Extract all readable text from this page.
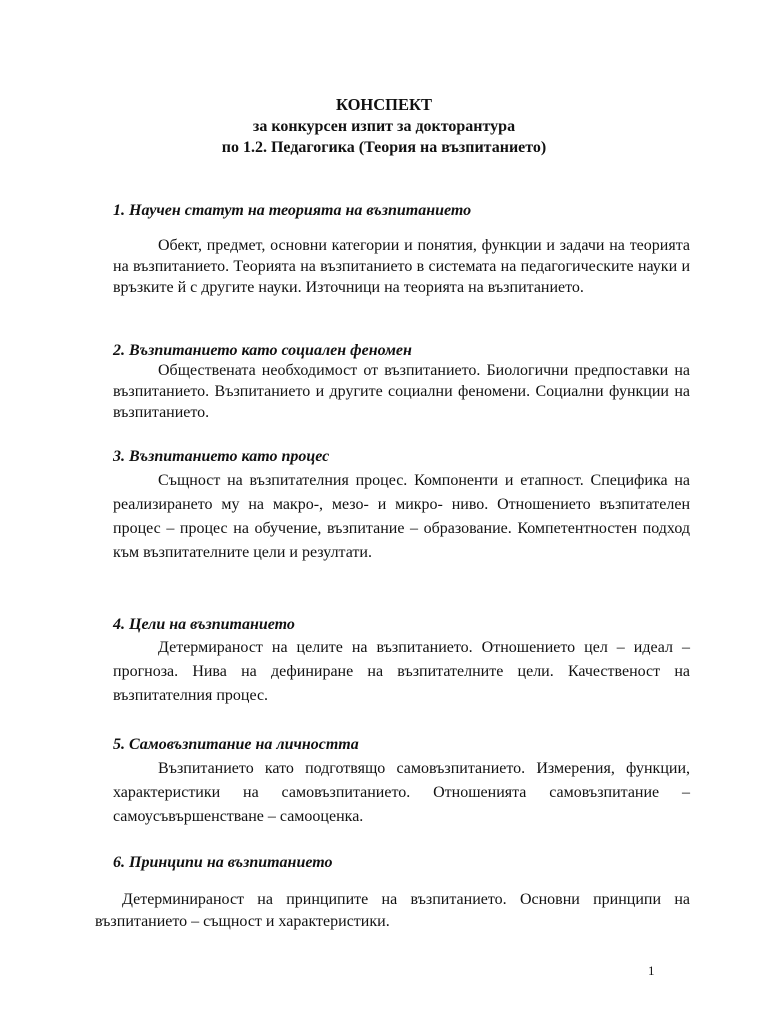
КОНСПЕКТ
за конкурсен изпит за докторантура
по 1.2. Педагогика (Теория на възпитанието)
1. Научен статут на теорията на възпитанието
Обект, предмет, основни категории и понятия, функции и задачи на теорията на възпитанието. Теорията на възпитанието в системата на педагогическите науки и връзките й с другите науки. Източници на теорията на възпитанието.
2. Възпитанието като социален феномен
Обществената необходимост от възпитанието. Биологични предпоставки на възпитанието. Възпитанието и другите социални феномени. Социални функции на възпитанието.
3. Възпитанието като процес
Същност на възпитателния процес. Компоненти и етапност. Специфика на реализирането му на макро-, мезо- и микро- ниво. Отношението възпитателен процес – процес на обучение, възпитание – образование. Компетентностен подход към възпитателните цели и резултати.
4. Цели на възпитанието
Детермираност на целите на възпитанието. Отношението цел – идеал – прогноза. Нива на дефиниране на възпитателните цели. Качественост на възпитателния процес.
5. Самовъзпитание на личността
Възпитанието като подготвящо самовъзпитанието. Измерения, функции, характеристики на самовъзпитанието. Отношенията самовъзпитание – самоусъвършенстване – самооценка.
6. Принципи на възпитанието
Детерминираност на принципите на възпитанието. Основни принципи на възпитанието – същност и характеристики.
1
